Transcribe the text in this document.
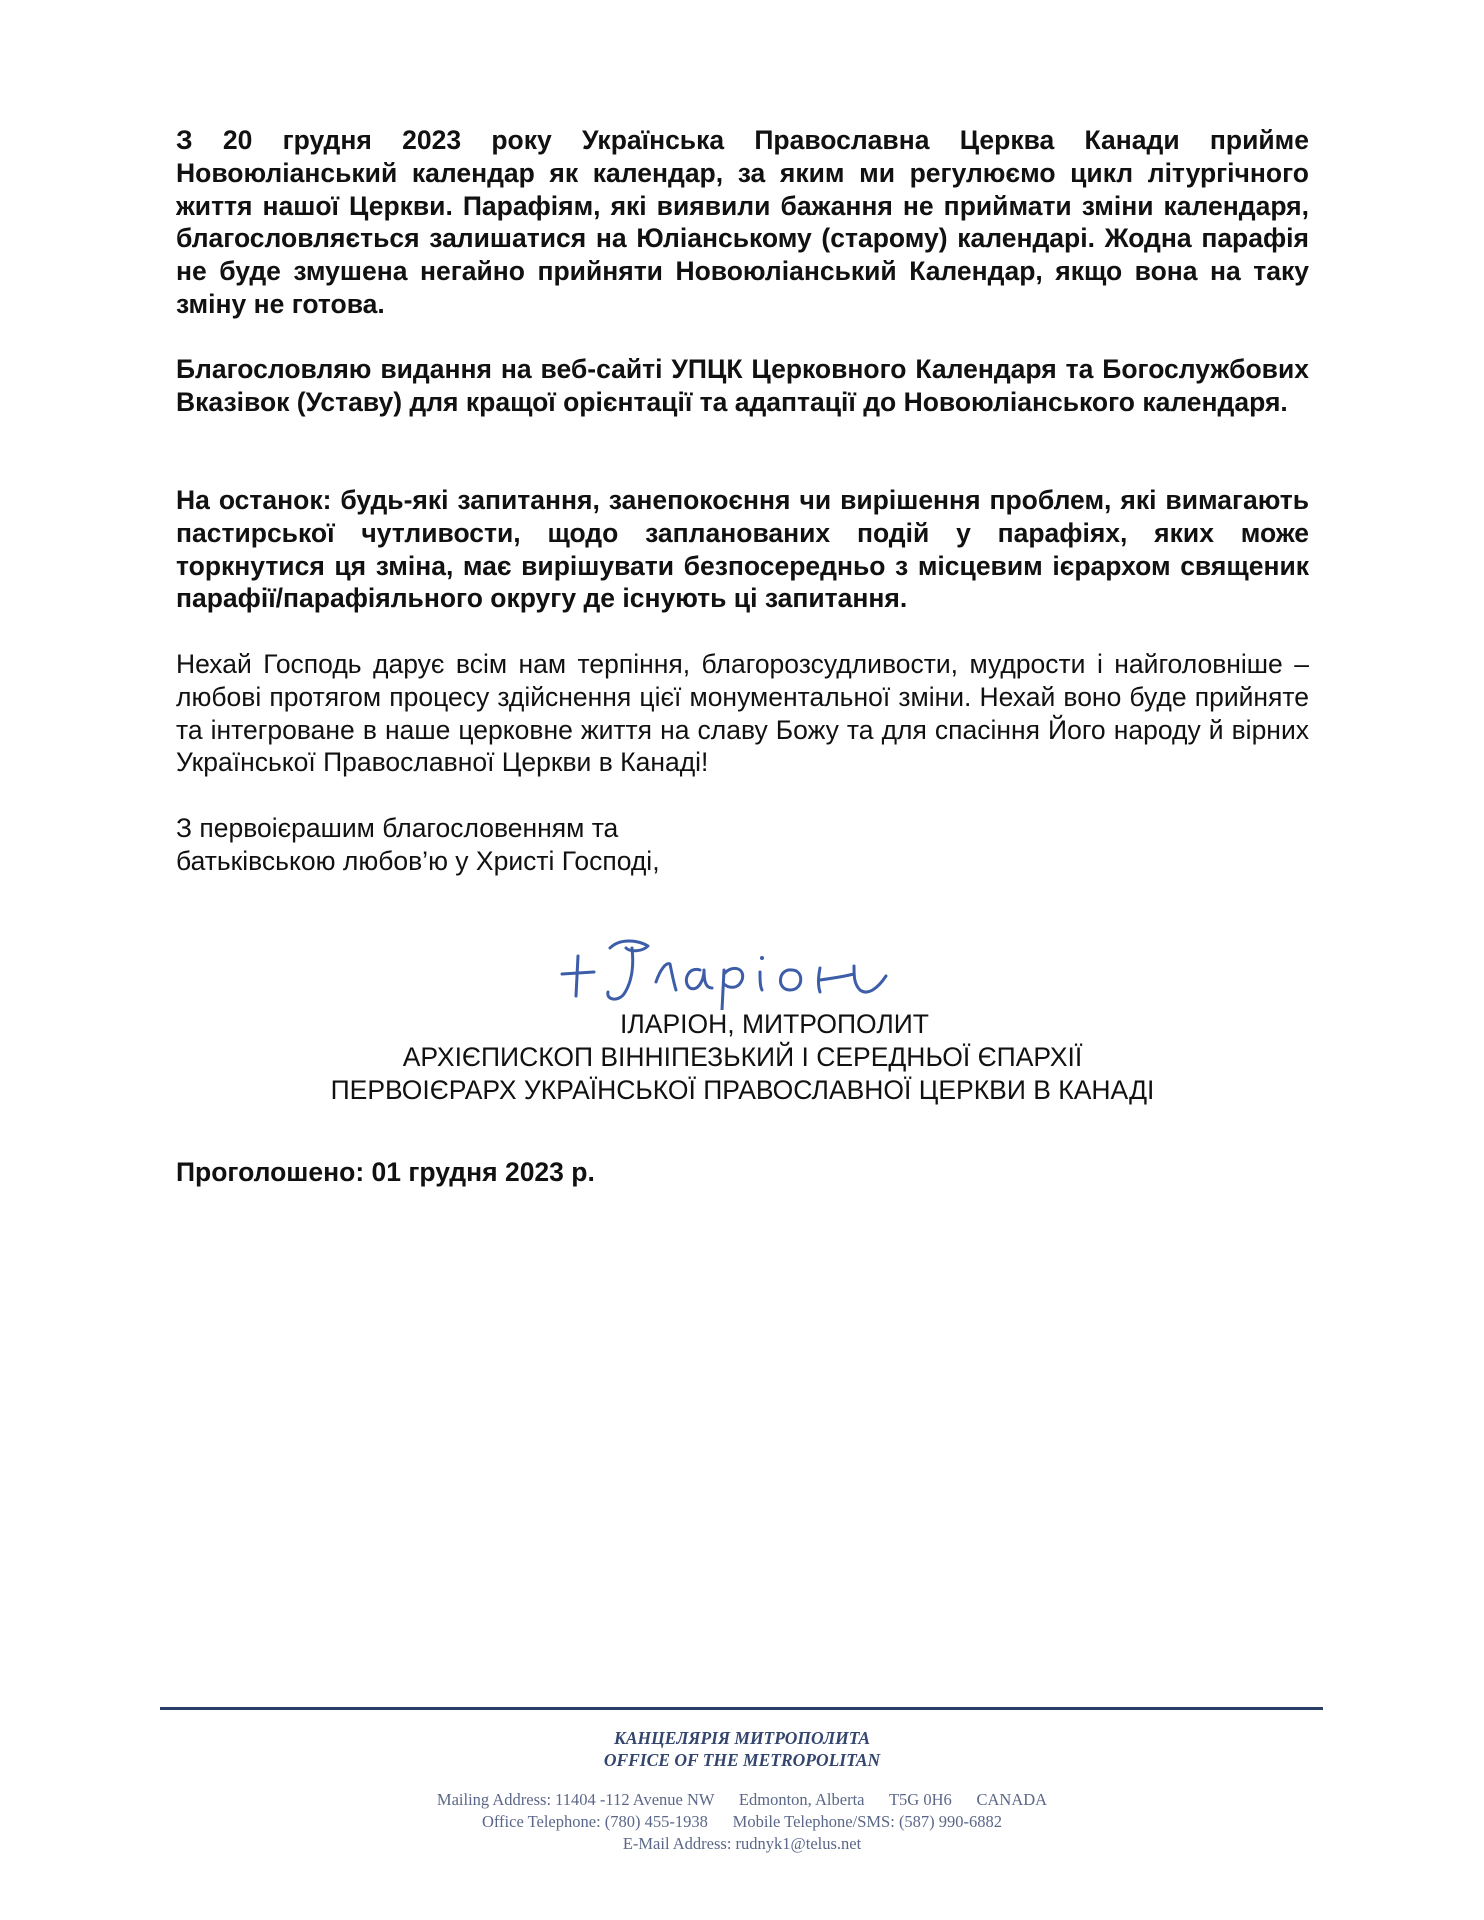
З 20 грудня 2023 року Українська Православна Церква Канади прийме Новоюліанський календар як календар, за яким ми регулюємо цикл літургічного життя нашої Церкви. Парафіям, які виявили бажання не приймати зміни календаря, благословляється залишатися на Юліанському (старому) календарі. Жодна парафія не буде змушена негайно прийняти Новоюліанський Календар, якщо вона на таку зміну не готова.

Благословляю видання на веб-сайті УПЦК Церковного Календаря та Богослужбових Вказівок (Уставу) для кращої орієнтації та адаптації до Новоюліанського календаря.

На останок: будь-які запитання, занепокоєння чи вирішення проблем, які вимагають пастирської чутливости, щодо запланованих подій у парафіях, яких може торкнутися ця зміна, має вирішувати безпосередньо з місцевим ієрархом священик парафії/парафіяльного округу де існують ці запитання.

Нехай Господь дарує всім нам терпіння, благорозсудливости, мудрости і найголовніше – любові протягом процесу здійснення цієї монументальної зміни. Нехай воно буде прийняте та інтегроване в наше церковне життя на славу Божу та для спасіння Його народу й вірних Української Православної Церкви в Канаді!

З первоієрашим благословенням та
батьківською любов’ю у Христі Господі,

ІЛАРІОН, МИТРОПОЛИТ
АРХІЄПИСКОП ВІННІПЕЗЬКИЙ І СЕРЕДНЬОЇ ЄПАРХІЇ
ПЕРВОІЄРАРХ УКРАЇНСЬКОЇ ПРАВОСЛАВНОЇ ЦЕРКВИ В КАНАДІ

Проголошено: 01 грудня 2023 р.

КАНЦЕЛЯРІЯ МИТРОПОЛИТА
OFFICE OF THE METROPOLITAN
Mailing Address: 11404 -112 Avenue NW      Edmonton, Alberta      T5G 0H6      CANADA
Office Telephone: (780) 455-1938      Mobile Telephone/SMS: (587) 990-6882
E-Mail Address: rudnyk1@telus.net
